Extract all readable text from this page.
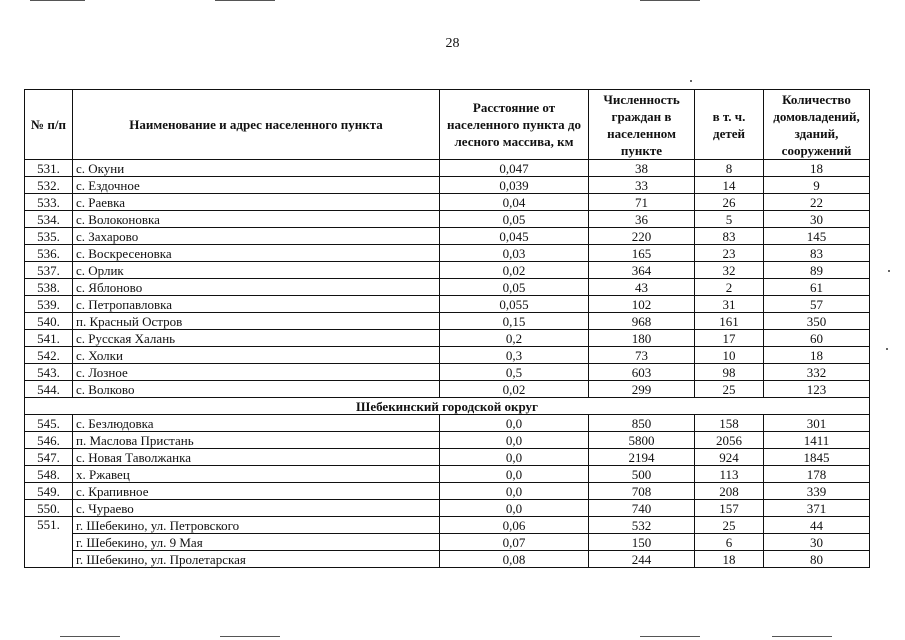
28
№ п/п	Наименование и адрес населенного пункта	Расстояние от населенного пункта до лесного массива, км	Численность граждан в населенном пункте	в т. ч. детей	Количество домовладений, зданий, сооружений
531.	с. Окуни	0,047	38	8	18
532.	с. Ездочное	0,039	33	14	9
533.	с. Раевка	0,04	71	26	22
534.	с. Волоконовка	0,05	36	5	30
535.	с. Захарово	0,045	220	83	145
536.	с. Воскресеновка	0,03	165	23	83
537.	с. Орлик	0,02	364	32	89
538.	с. Яблоново	0,05	43	2	61
539.	с. Петропавловка	0,055	102	31	57
540.	п. Красный Остров	0,15	968	161	350
541.	с. Русская Халань	0,2	180	17	60
542.	с. Холки	0,3	73	10	18
543.	с. Лозное	0,5	603	98	332
544.	с. Волково	0,02	299	25	123
Шебекинский городской округ					
545.	с. Безлюдовка	0,0	850	158	301
546.	п. Маслова Пристань	0,0	5800	2056	1411
547.	с. Новая Таволжанка	0,0	2194	924	1845
548.	х. Ржавец	0,0	500	113	178
549.	с. Крапивное	0,0	708	208	339
550.	с. Чураево	0,0	740	157	371
551.	г. Шебекино, ул. Петровского	0,06	532	25	44
	г. Шебекино, ул. 9 Мая	0,07	150	6	30
	г. Шебекино, ул. Пролетарская	0,08	244	18	80
